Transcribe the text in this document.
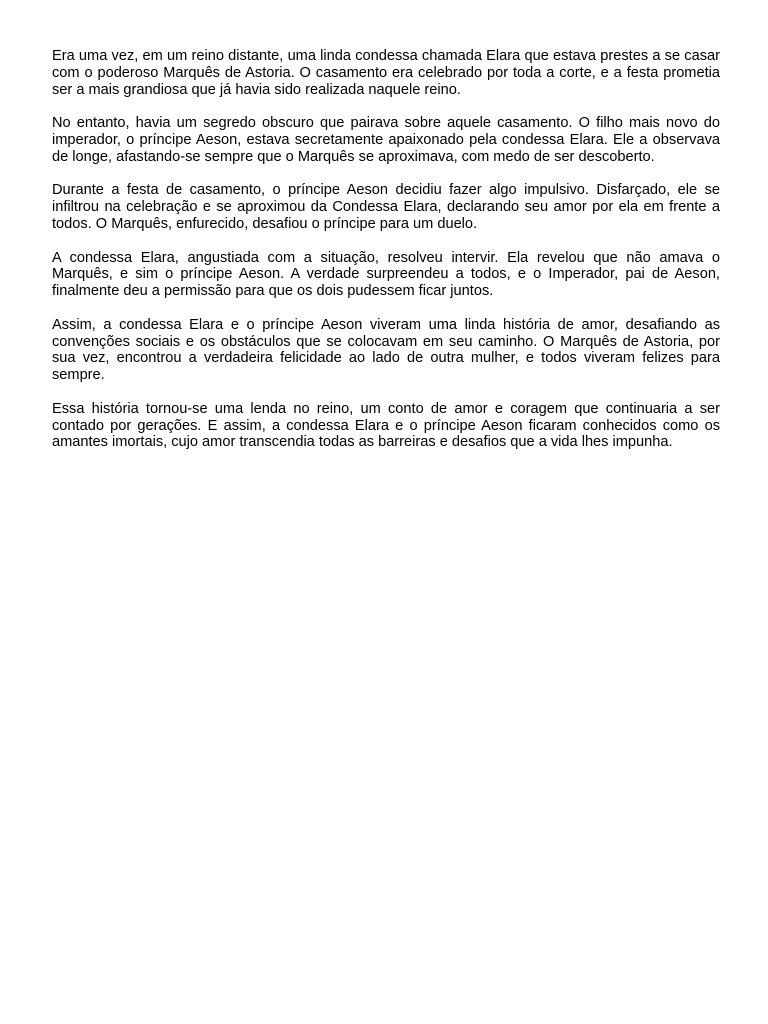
Era uma vez, em um reino distante, uma linda condessa chamada Elara que estava prestes a se casar com o poderoso Marquês de Astoria. O casamento era celebrado por toda a corte, e a festa prometia ser a mais grandiosa que já havia sido realizada naquele reino.

No entanto, havia um segredo obscuro que pairava sobre aquele casamento. O filho mais novo do imperador, o príncipe Aeson, estava secretamente apaixonado pela condessa Elara. Ele a observava de longe, afastando-se sempre que o Marquês se aproximava, com medo de ser descoberto.

Durante a festa de casamento, o príncipe Aeson decidiu fazer algo impulsivo. Disfarçado, ele se infiltrou na celebração e se aproximou da Condessa Elara, declarando seu amor por ela em frente a todos. O Marquês, enfurecido, desafiou o príncipe para um duelo.

A condessa Elara, angustiada com a situação, resolveu intervir. Ela revelou que não amava o Marquês, e sim o príncipe Aeson. A verdade surpreendeu a todos, e o Imperador, pai de Aeson, finalmente deu a permissão para que os dois pudessem ficar juntos.

Assim, a condessa Elara e o príncipe Aeson viveram uma linda história de amor, desafiando as convenções sociais e os obstáculos que se colocavam em seu caminho. O Marquês de Astoria, por sua vez, encontrou a verdadeira felicidade ao lado de outra mulher, e todos viveram felizes para sempre.

Essa história tornou-se uma lenda no reino, um conto de amor e coragem que continuaria a ser contado por gerações. E assim, a condessa Elara e o príncipe Aeson ficaram conhecidos como os amantes imortais, cujo amor transcendia todas as barreiras e desafios que a vida lhes impunha.
